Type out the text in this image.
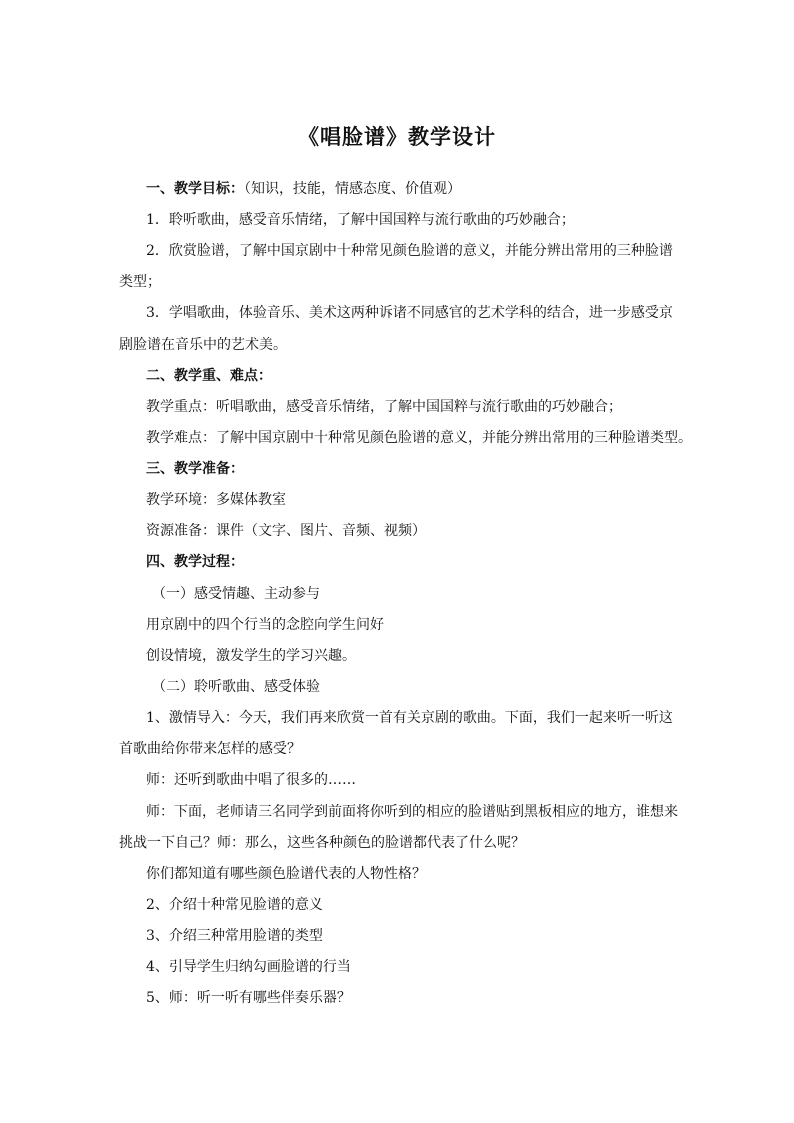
《唱脸谱》教学设计
一、教学目标：（知识，技能，情感态度、价值观）
1．聆听歌曲，感受音乐情绪，了解中国国粹与流行歌曲的巧妙融合；
2．欣赏脸谱，了解中国京剧中十种常见颜色脸谱的意义，并能分辨出常用的三种脸谱
类型；
3．学唱歌曲，体验音乐、美术这两种诉诸不同感官的艺术学科的结合，进一步感受京
剧脸谱在音乐中的艺术美。
二、教学重、难点：
教学重点：听唱歌曲，感受音乐情绪，了解中国国粹与流行歌曲的巧妙融合；
教学难点：了解中国京剧中十种常见颜色脸谱的意义，并能分辨出常用的三种脸谱类型。
三、教学准备：
教学环境：多媒体教室
资源准备：课件（文字、图片、音频、视频）
四、教学过程：
（一）感受情趣、主动参与
用京剧中的四个行当的念腔向学生问好
创设情境，激发学生的学习兴趣。
（二）聆听歌曲、感受体验
1、激情导入：今天，我们再来欣赏一首有关京剧的歌曲。下面，我们一起来听一听这
首歌曲给你带来怎样的感受？
师：还听到歌曲中唱了很多的……
师：下面，老师请三名同学到前面将你听到的相应的脸谱贴到黑板相应的地方，谁想来
挑战一下自己？师：那么，这些各种颜色的脸谱都代表了什么呢？
你们都知道有哪些颜色脸谱代表的人物性格？
2、介绍十种常见脸谱的意义
3、介绍三种常用脸谱的类型
4、引导学生归纳勾画脸谱的行当
5、师：听一听有哪些伴奏乐器？
